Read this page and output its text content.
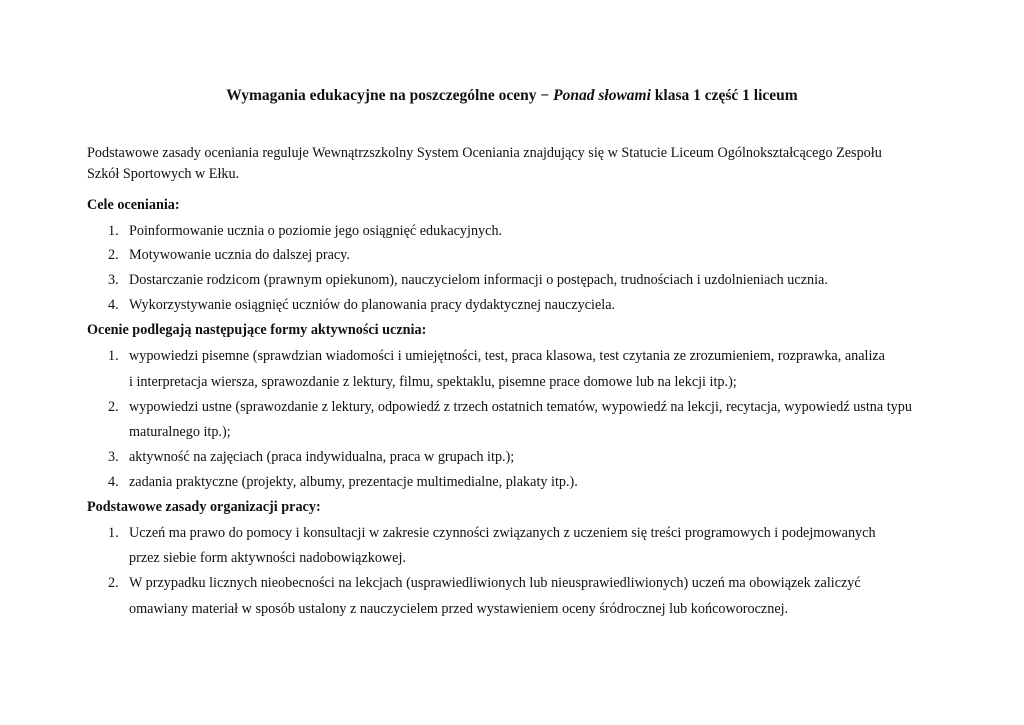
Wymagania edukacyjne na poszczególne oceny − Ponad słowami klasa 1 część 1 liceum
Podstawowe zasady oceniania reguluje Wewnątrzszkolny System Oceniania znajdujący się w Statucie Liceum Ogólnokształcącego Zespołu
Szkół Sportowych w Ełku.
Cele oceniania:
1. Poinformowanie ucznia o poziomie jego osiągnięć edukacyjnych.
2. Motywowanie ucznia do dalszej pracy.
3. Dostarczanie rodzicom (prawnym opiekunom), nauczycielom informacji o postępach, trudnościach i uzdolnieniach ucznia.
4. Wykorzystywanie osiągnięć uczniów do planowania pracy dydaktycznej nauczyciela.
Ocenie podlegają następujące formy aktywności ucznia:
1. wypowiedzi pisemne (sprawdzian wiadomości i umiejętności, test, praca klasowa, test czytania ze zrozumieniem, rozprawka, analiza
i interpretacja wiersza, sprawozdanie z lektury, filmu, spektaklu, pisemne prace domowe lub na lekcji itp.);
2. wypowiedzi ustne (sprawozdanie z lektury, odpowiedź z trzech ostatnich tematów, wypowiedź na lekcji, recytacja, wypowiedź ustna typu
maturalnego itp.);
3. aktywność na zajęciach (praca indywidualna, praca w grupach itp.);
4. zadania praktyczne (projekty, albumy, prezentacje multimedialne, plakaty itp.).
Podstawowe zasady organizacji pracy:
1. Uczeń ma prawo do pomocy i konsultacji w zakresie czynności związanych z uczeniem się treści programowych i podejmowanych
przez siebie form aktywności nadobowiązkowej.
2. W przypadku licznych nieobecności na lekcjach (usprawiedliwionych lub nieusprawiedliwionych) uczeń ma obowiązek zaliczyć
omawiany materiał w sposób ustalony z nauczycielem przed wystawieniem oceny śródrocznej lub końcoworocznej.
